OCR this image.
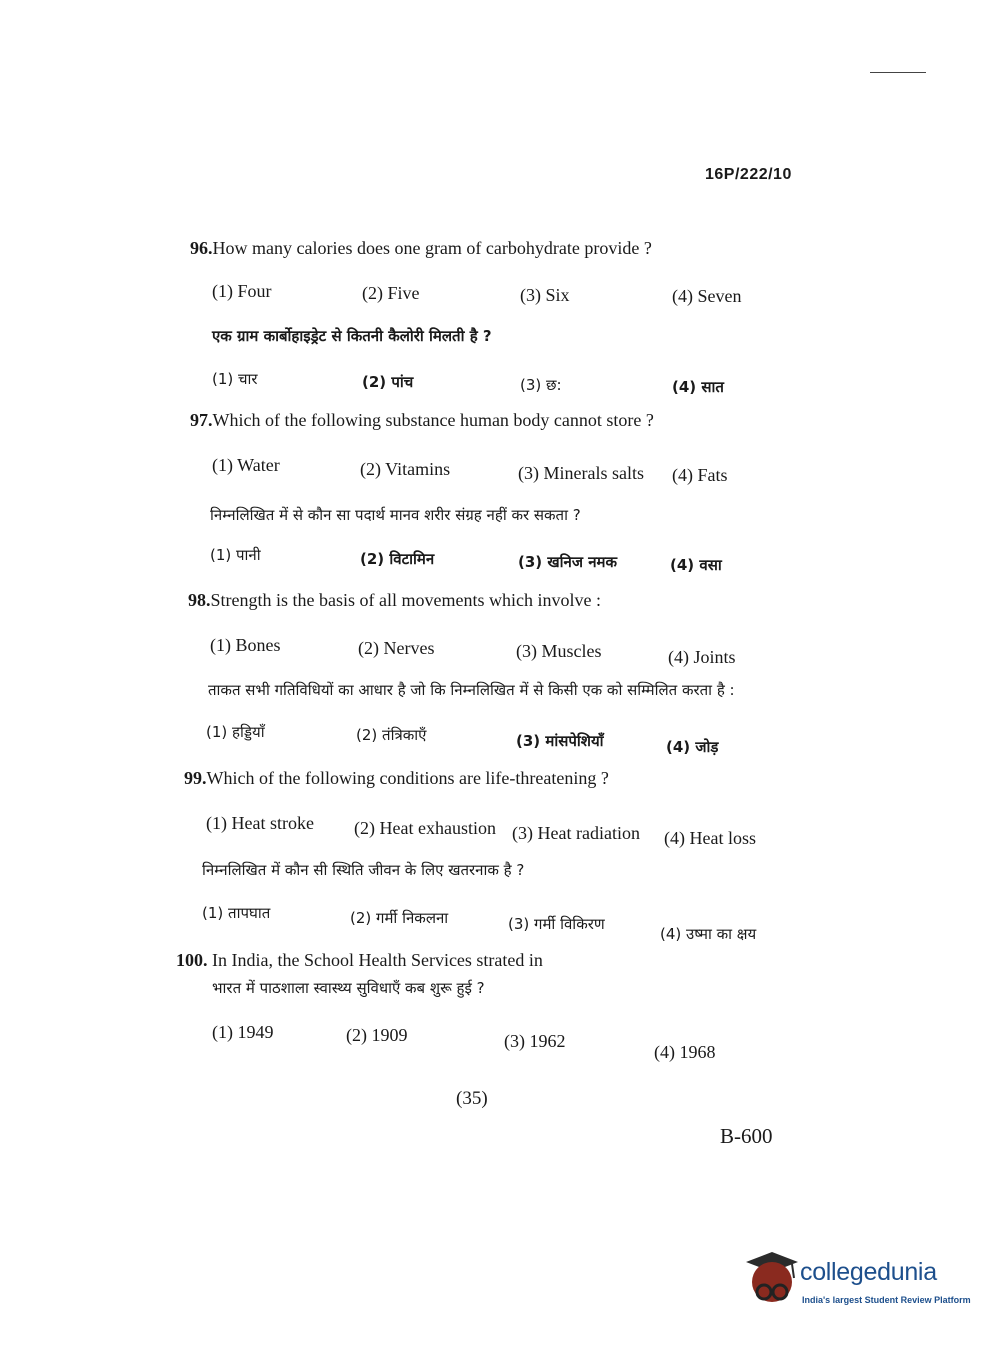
16P/222/10
96.How many calories does one gram of carbohydrate provide ?
(1) Four	(2) Five	(3) Six	(4) Seven
एक ग्राम कार्बोहाइड्रेट से कितनी कैलोरी मिलती है ?
(1) चार	(2) पांच	(3) छ:	(4) सात
97.Which of the following substance human body cannot store ?
(1) Water	(2) Vitamins	(3) Minerals salts (4) Fats
निम्नलिखित में से कौन सा पदार्थ मानव शरीर संग्रह नहीं कर सकता ?
(1) पानी	(2) विटामिन	(3) खनिज नमक	(4) वसा
98.Strength is the basis of all movements which involve :
(1) Bones	(2) Nerves	(3) Muscles	(4) Joints
ताकत सभी गतिविधियों का आधार है जो कि निम्नलिखित में से किसी एक को सम्मिलित करता है :
(1) हड्डियाँ	(2) तंत्रिकाएँ	(3) मांसपेशियाँ	(4) जोड़
99.Which of the following conditions are life-threatening ?
(1) Heat stroke (2) Heat exhaustion (3) Heat radiation (4) Heat loss
निम्नलिखित में कौन सी स्थिति जीवन के लिए खतरनाक है ?
(1) तापघात	(2) गर्मी निकलना	(3) गर्मी विकिरण
(4) उष्मा का क्षय
100. In India, the School Health Services strated in
भारत में पाठशाला स्वास्थ्य सुविधाएँ कब शुरू हुई ?
(1) 1949	(2) 1909	(3) 1962
(4) 1968
(35)
B-600
collegedunia
India's largest Student Review Platform
